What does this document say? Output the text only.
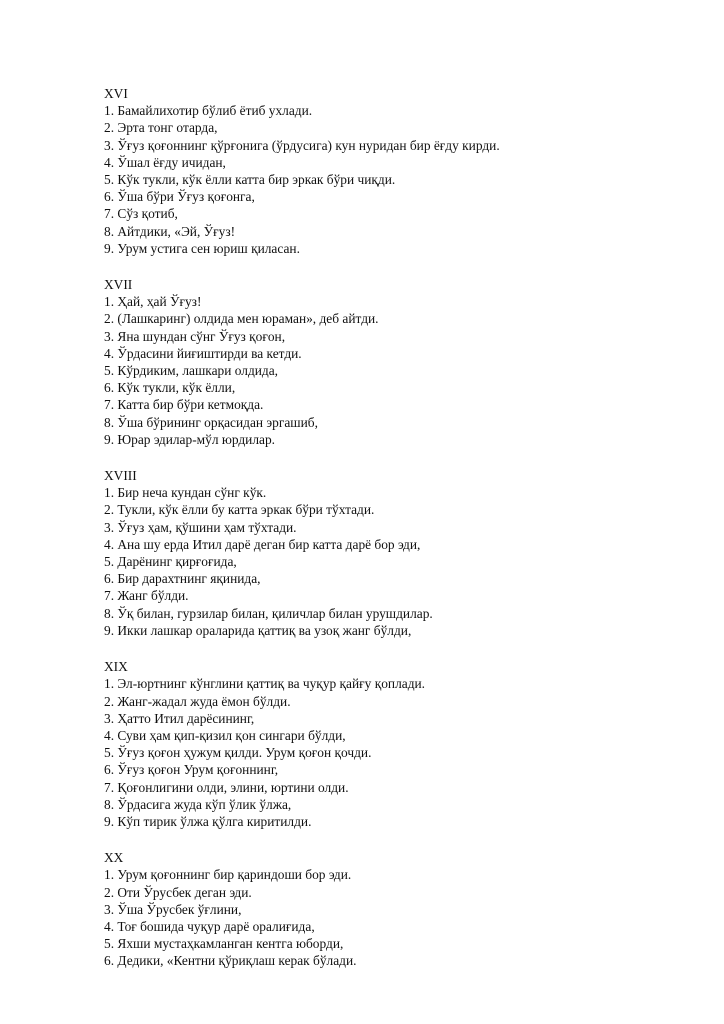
XVI
1. Бамайлихотир бўлиб ётиб ухлади.
2. Эрта тонг отарда,
3. Ўғуз қоғоннинг қўрғонига (ўрдусига) кун нуридан бир ёғду кирди.
4. Ўшал ёғду ичидан,
5. Кўк тукли, кўк ёлли катта бир эркак бўри чиқди.
6. Ўша бўри Ўғуз қоғонга,
7. Сўз қотиб,
8. Айтдики, «Эй, Ўғуз!
9. Урум устига сен юриш қиласан.
XVII
1. Ҳай, ҳай Ўғуз!
2. (Лашкаринг) олдида мен юраман», деб айтди.
3. Яна шундан сўнг Ўғуз қоғон,
4. Ўрдасини йиғиштирди ва кетди.
5. Кўрдиким, лашкари олдида,
6. Кўк тукли, кўк ёлли,
7. Катта бир бўри кетмоқда.
8. Ўша бўрининг орқасидан эргашиб,
9. Юрар эдилар-мўл юрдилар.
XVIII
1. Бир неча кундан сўнг кўк.
2. Тукли, кўк ёлли бу катта эркак бўри тўхтади.
3. Ўғуз ҳам, қўшини ҳам тўхтади.
4. Ана шу ерда Итил дарё деган бир катта дарё бор эди,
5. Дарёнинг қирғоғида,
6. Бир дарахтнинг яқинида,
7. Жанг бўлди.
8. Ўқ билан, гурзилар билан, қиличлар билан урушдилар.
9. Икки лашкар ораларида қаттиқ ва узоқ жанг бўлди,
XIX
1. Эл-юртнинг кўнглини қаттиқ ва чуқур қайғу қоплади.
2. Жанг-жадал жуда ёмон бўлди.
3. Ҳатто Итил дарёсининг,
4. Суви ҳам қип-қизил қон сингари бўлди,
5. Ўғуз қоғон ҳужум қилди. Урум қоғон қочди.
6. Ўғуз қоғон Урум қоғоннинг,
7. Қоғонлигини олди, элини, юртини олди.
8. Ўрдасига жуда кўп ўлик ўлжа,
9. Кўп тирик ўлжа қўлга киритилди.
XX
1. Урум қоғоннинг бир қариндоши бор эди.
2. Оти Ўрусбек деган эди.
3. Ўша Ўрусбек ўғлини,
4. Тоғ бошида чуқур дарё оралиғида,
5. Яхши мустаҳкамланган кентга юборди,
6. Дедики, «Кентни қўриқлаш керак бўлади.
